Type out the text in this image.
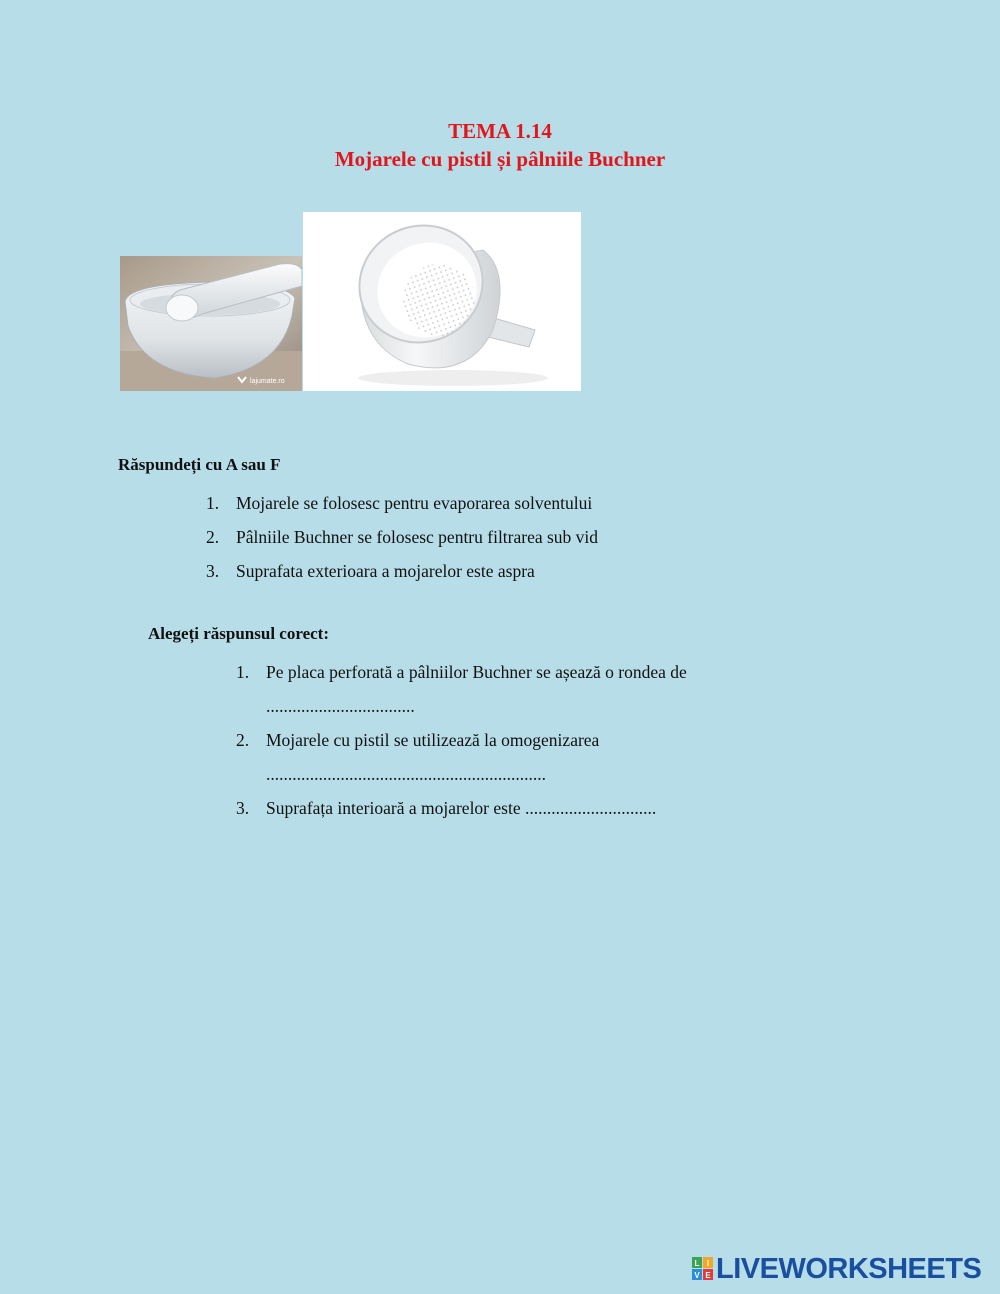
TEMA 1.14
Mojarele cu pistil și pâlniile Buchner
lajumate.ro
Răspundeți cu A sau F
1. Mojarele se folosesc pentru evaporarea solventului
2. Pâlniile Buchner se folosesc pentru filtrarea sub vid
3. Suprafata exterioara a mojarelor este aspra
Alegeți răspunsul corect:
1. Pe placa perforată a pâlniilor Buchner se așează o rondea de
..................................
2. Mojarele cu pistil se utilizează la omogenizarea
................................................................
3. Suprafața interioară a mojarelor este ..............................
L I
V E LIVEWORKSHEETS
